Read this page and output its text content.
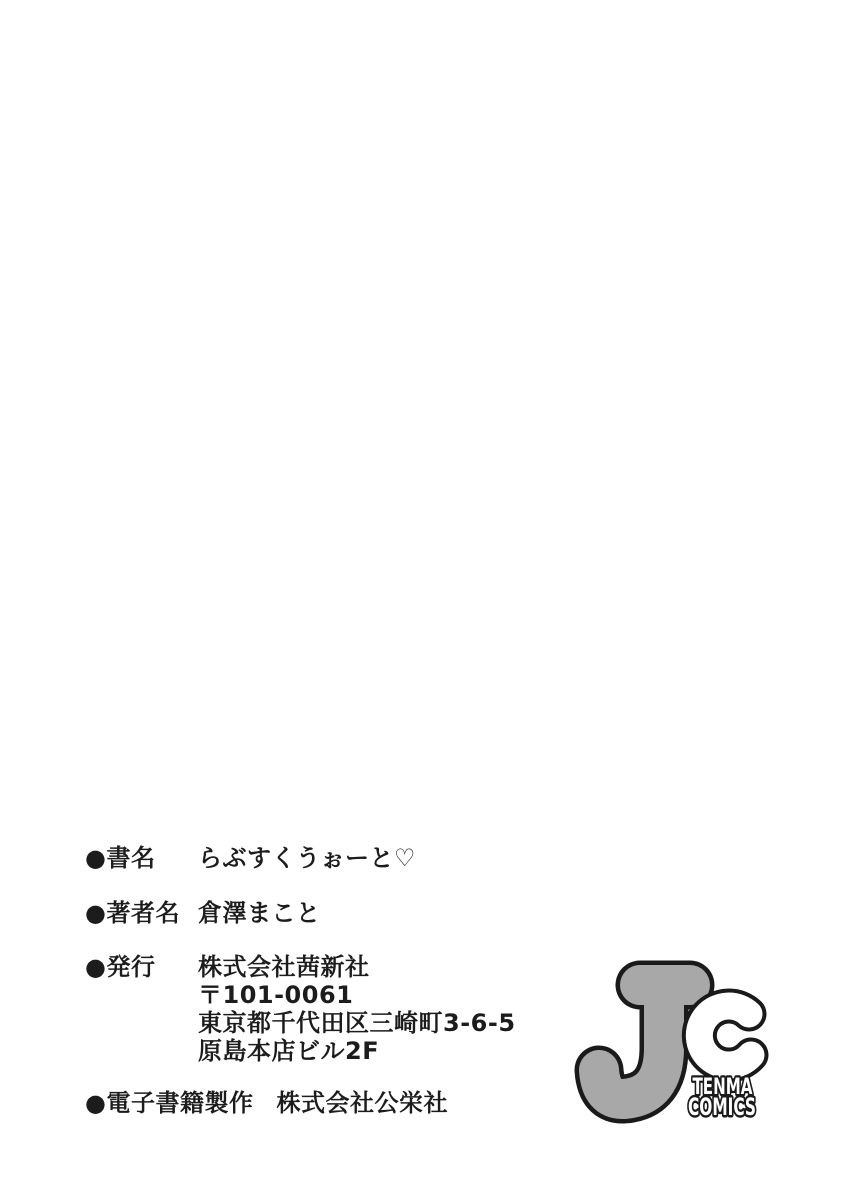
●書名	らぶすくうぉーと♡
●著者名 倉澤まこと
●発行	株式会社茜新社
〒101-0061
東京都千代田区三崎町3-6-5
原島本店ビル2F
●電子書籍製作 株式会社公栄社
TENMA
COMICS
